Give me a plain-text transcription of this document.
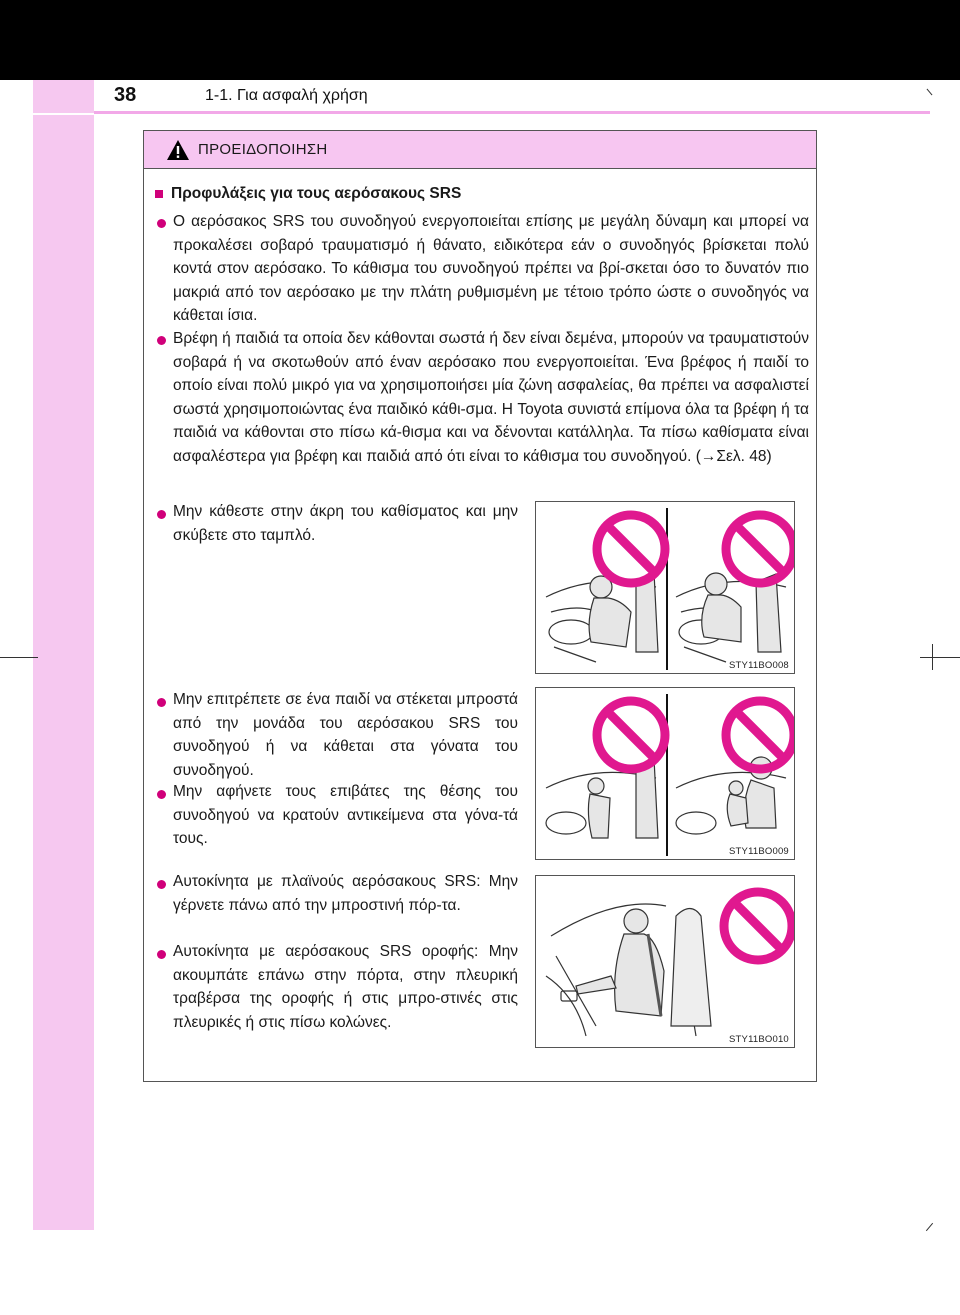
38	1-1. Για ασφαλή χρήση
ΠΡΟΕΙΔΟΠΟΙΗΣΗ
Προφυλάξεις για τους αερόσακους SRS
Ο αερόσακος SRS του συνοδηγού ενεργοποιείται επίσης με μεγάλη δύναμη και μπορεί να προκαλέσει σοβαρό τραυματισμό ή θάνατο, ειδικότερα εάν ο συνοδηγός βρίσκεται πολύ κοντά στον αερόσακο. Το κάθισμα του συνοδηγού πρέπει να βρί-σκεται όσο το δυνατόν πιο μακριά από τον αερόσακο με την πλάτη ρυθμισμένη με τέτοιο τρόπο ώστε ο συνοδηγός να κάθεται ίσια.
Βρέφη ή παιδιά τα οποία δεν κάθονται σωστά ή δεν είναι δεμένα, μπορούν να τραυματιστούν σοβαρά ή να σκοτωθούν από έναν αερόσακο που ενεργοποιείται. Ένα βρέφος ή παιδί το οποίο είναι πολύ μικρό για να χρησιμοποιήσει μία ζώνη ασφαλείας, θα πρέπει να ασφαλιστεί σωστά χρησιμοποιώντας ένα παιδικό κάθι-σμα. Η Toyota συνιστά επίμονα όλα τα βρέφη ή τα παιδιά να κάθονται στο πίσω κά-θισμα και να δένονται κατάλληλα. Τα πίσω καθίσματα είναι ασφαλέστερα για βρέφη και παιδιά από ότι είναι το κάθισμα του συνοδηγού. (→Σελ. 48)
Μην κάθεστε στην άκρη του καθίσματος και μην σκύβετε στο ταμπλό.
Μην επιτρέπετε σε ένα παιδί να στέκεται μπροστά από την μονάδα του αερόσακου SRS του συνοδηγού ή να κάθεται στα γόνατα του συνοδηγού.
Μην αφήνετε τους επιβάτες της θέσης του συνοδηγού να κρατούν αντικείμενα στα γόνα-τά τους.
Αυτοκίνητα με πλαϊνούς αερόσακους SRS: Μην γέρνετε πάνω από την μπροστινή πόρ-τα.
Αυτοκίνητα με αερόσακους SRS οροφής: Μην ακουμπάτε επάνω στην πόρτα, στην πλευρική τραβέρσα της οροφής ή στις μπρο-στινές στις πλευρικές ή στις πίσω κολώνες.
STY11BO008
STY11BO009
STY11BO010
